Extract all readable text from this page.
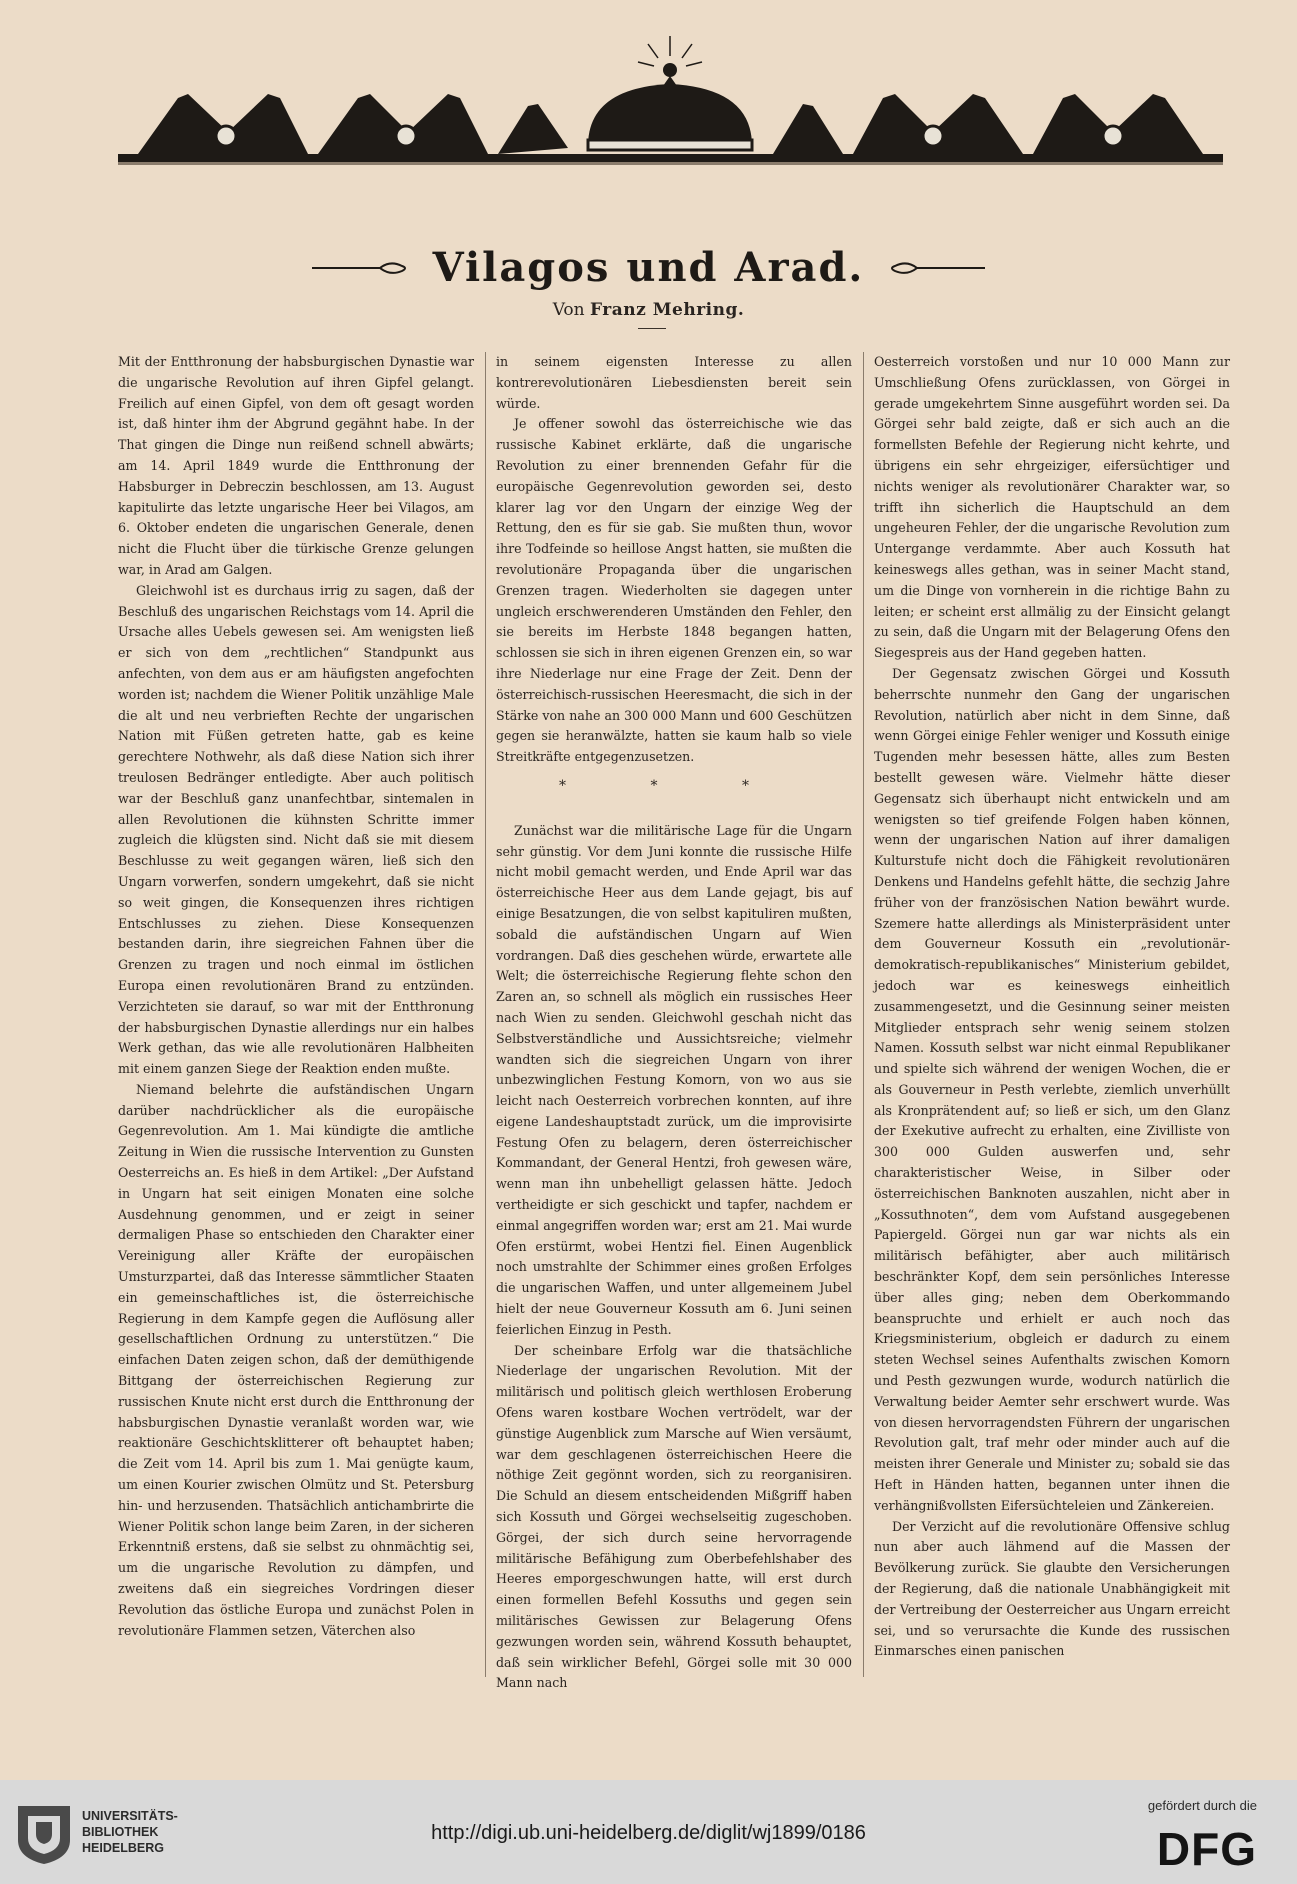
Vilagos und Arad.
Von Franz Mehring.

Mit der Entthronung der habsburgischen Dynastie war die ungarische Revolution auf ihren Gipfel gelangt. Freilich auf einen Gipfel, von dem oft gesagt worden ist, daß hinter ihm der Abgrund gegähnt habe. In der That gingen die Dinge nun reißend schnell abwärts; am 14. April 1849 wurde die Entthronung der Habsburger in Debreczin beschlossen, am 13. August kapitulirte das letzte ungarische Heer bei Vilagos, am 6. Oktober endeten die ungarischen Generale, denen nicht die Flucht über die türkische Grenze gelungen war, in Arad am Galgen.

Gleichwohl ist es durchaus irrig zu sagen, daß der Beschluß des ungarischen Reichstags vom 14. April die Ursache alles Uebels gewesen sei. Am wenigsten ließ er sich von dem „rechtlichen“ Standpunkt aus anfechten, von dem aus er am häufigsten angefochten worden ist; nachdem die Wiener Politik unzählige Male die alt und neu verbrieften Rechte der ungarischen Nation mit Füßen getreten hatte, gab es keine gerechtere Nothwehr, als daß diese Nation sich ihrer treulosen Bedränger entledigte. Aber auch politisch war der Beschluß ganz unanfechtbar, sintemalen in allen Revolutionen die kühnsten Schritte immer zugleich die klügsten sind. Nicht daß sie mit diesem Beschlusse zu weit gegangen wären, ließ sich den Ungarn vorwerfen, sondern umgekehrt, daß sie nicht so weit gingen, die Konsequenzen ihres richtigen Entschlusses zu ziehen. Diese Konsequenzen bestanden darin, ihre siegreichen Fahnen über die Grenzen zu tragen und noch einmal im östlichen Europa einen revolutionären Brand zu entzünden. Verzichteten sie darauf, so war mit der Entthronung der habsburgischen Dynastie allerdings nur ein halbes Werk gethan, das wie alle revolutionären Halbheiten mit einem ganzen Siege der Reaktion enden mußte.

Niemand belehrte die aufständischen Ungarn darüber nachdrücklicher als die europäische Gegenrevolution. Am 1. Mai kündigte die amtliche Zeitung in Wien die russische Intervention zu Gunsten Oesterreichs an. Es hieß in dem Artikel: „Der Aufstand in Ungarn hat seit einigen Monaten eine solche Ausdehnung genommen, und er zeigt in seiner dermaligen Phase so entschieden den Charakter einer Vereinigung aller Kräfte der europäischen Umsturzpartei, daß das Interesse sämmtlicher Staaten ein gemeinschaftliches ist, die österreichische Regierung in dem Kampfe gegen die Auflösung aller gesellschaftlichen Ordnung zu unterstützen.“ Die einfachen Daten zeigen schon, daß der demüthigende Bittgang der österreichischen Regierung zur russischen Knute nicht erst durch die Entthronung der habsburgischen Dynastie veranlaßt worden war, wie reaktionäre Geschichtsklitterer oft behauptet haben; die Zeit vom 14. April bis zum 1. Mai genügte kaum, um einen Kourier zwischen Olmütz und St. Petersburg hin- und herzusenden. Thatsächlich antichambrirte die Wiener Politik schon lange beim Zaren, in der sicheren Erkenntniß erstens, daß sie selbst zu ohnmächtig sei, um die ungarische Revolution zu dämpfen, und zweitens daß ein siegreiches Vordringen dieser Revolution das östliche Europa und zunächst Polen in revolutionäre Flammen setzen, Väterchen also

in seinem eigensten Interesse zu allen kontrerevolutionären Liebesdiensten bereit sein würde.

Je offener sowohl das österreichische wie das russische Kabinet erklärte, daß die ungarische Revolution zu einer brennenden Gefahr für die europäische Gegenrevolution geworden sei, desto klarer lag vor den Ungarn der einzige Weg der Rettung, den es für sie gab. Sie mußten thun, wovor ihre Todfeinde so heillose Angst hatten, sie mußten die revolutionäre Propaganda über die ungarischen Grenzen tragen. Wiederholten sie dagegen unter ungleich erschwerenderen Umständen den Fehler, den sie bereits im Herbste 1848 begangen hatten, schlossen sie sich in ihren eigenen Grenzen ein, so war ihre Niederlage nur eine Frage der Zeit. Denn der österreichisch-russischen Heeresmacht, die sich in der Stärke von nahe an 300 000 Mann und 600 Geschützen gegen sie heranwälzte, hatten sie kaum halb so viele Streitkräfte entgegenzusetzen.

* * *

Zunächst war die militärische Lage für die Ungarn sehr günstig. Vor dem Juni konnte die russische Hilfe nicht mobil gemacht werden, und Ende April war das österreichische Heer aus dem Lande gejagt, bis auf einige Besatzungen, die von selbst kapituliren mußten, sobald die aufständischen Ungarn auf Wien vordrangen. Daß dies geschehen würde, erwartete alle Welt; die österreichische Regierung flehte schon den Zaren an, so schnell als möglich ein russisches Heer nach Wien zu senden. Gleichwohl geschah nicht das Selbstverständliche und Aussichtsreiche; vielmehr wandten sich die siegreichen Ungarn von ihrer unbezwinglichen Festung Komorn, von wo aus sie leicht nach Oesterreich vorbrechen konnten, auf ihre eigene Landeshauptstadt zurück, um die improvisirte Festung Ofen zu belagern, deren österreichischer Kommandant, der General Hentzi, froh gewesen wäre, wenn man ihn unbehelligt gelassen hätte. Jedoch vertheidigte er sich geschickt und tapfer, nachdem er einmal angegriffen worden war; erst am 21. Mai wurde Ofen erstürmt, wobei Hentzi fiel. Einen Augenblick noch umstrahlte der Schimmer eines großen Erfolges die ungarischen Waffen, und unter allgemeinem Jubel hielt der neue Gouverneur Kossuth am 6. Juni seinen feierlichen Einzug in Pesth.

Der scheinbare Erfolg war die thatsächliche Niederlage der ungarischen Revolution. Mit der militärisch und politisch gleich werthlosen Eroberung Ofens waren kostbare Wochen vertrödelt, war der günstige Augenblick zum Marsche auf Wien versäumt, war dem geschlagenen österreichischen Heere die nöthige Zeit gegönnt worden, sich zu reorganisiren. Die Schuld an diesem entscheidenden Mißgriff haben sich Kossuth und Görgei wechselseitig zugeschoben. Görgei, der sich durch seine hervorragende militärische Befähigung zum Oberbefehlshaber des Heeres emporgeschwungen hatte, will erst durch einen formellen Befehl Kossuths und gegen sein militärisches Gewissen zur Belagerung Ofens gezwungen worden sein, während Kossuth behauptet, daß sein wirklicher Befehl, Görgei solle mit 30 000 Mann nach

Oesterreich vorstoßen und nur 10 000 Mann zur Umschließung Ofens zurücklassen, von Görgei in gerade umgekehrtem Sinne ausgeführt worden sei. Da Görgei sehr bald zeigte, daß er sich auch an die formellsten Befehle der Regierung nicht kehrte, und übrigens ein sehr ehrgeiziger, eifersüchtiger und nichts weniger als revolutionärer Charakter war, so trifft ihn sicherlich die Hauptschuld an dem ungeheuren Fehler, der die ungarische Revolution zum Untergange verdammte. Aber auch Kossuth hat keineswegs alles gethan, was in seiner Macht stand, um die Dinge von vornherein in die richtige Bahn zu leiten; er scheint erst allmälig zu der Einsicht gelangt zu sein, daß die Ungarn mit der Belagerung Ofens den Siegespreis aus der Hand gegeben hatten.

Der Gegensatz zwischen Görgei und Kossuth beherrschte nunmehr den Gang der ungarischen Revolution, natürlich aber nicht in dem Sinne, daß wenn Görgei einige Fehler weniger und Kossuth einige Tugenden mehr besessen hätte, alles zum Besten bestellt gewesen wäre. Vielmehr hätte dieser Gegensatz sich überhaupt nicht entwickeln und am wenigsten so tief greifende Folgen haben können, wenn der ungarischen Nation auf ihrer damaligen Kulturstufe nicht doch die Fähigkeit revolutionären Denkens und Handelns gefehlt hätte, die sechzig Jahre früher von der französischen Nation bewährt wurde. Szemere hatte allerdings als Ministerpräsident unter dem Gouverneur Kossuth ein „revolutionär-demokratisch-republikanisches“ Ministerium gebildet, jedoch war es keineswegs einheitlich zusammengesetzt, und die Gesinnung seiner meisten Mitglieder entsprach sehr wenig seinem stolzen Namen. Kossuth selbst war nicht einmal Republikaner und spielte sich während der wenigen Wochen, die er als Gouverneur in Pesth verlebte, ziemlich unverhüllt als Kronprätendent auf; so ließ er sich, um den Glanz der Exekutive aufrecht zu erhalten, eine Zivilliste von 300 000 Gulden auswerfen und, sehr charakteristischer Weise, in Silber oder österreichischen Banknoten auszahlen, nicht aber in „Kossuthnoten“, dem vom Aufstand ausgegebenen Papiergeld. Görgei nun gar war nichts als ein militärisch befähigter, aber auch militärisch beschränkter Kopf, dem sein persönliches Interesse über alles ging; neben dem Oberkommando beanspruchte und erhielt er auch noch das Kriegsministerium, obgleich er dadurch zu einem steten Wechsel seines Aufenthalts zwischen Komorn und Pesth gezwungen wurde, wodurch natürlich die Verwaltung beider Aemter sehr erschwert wurde. Was von diesen hervorragendsten Führern der ungarischen Revolution galt, traf mehr oder minder auch auf die meisten ihrer Generale und Minister zu; sobald sie das Heft in Händen hatten, begannen unter ihnen die verhängnißvollsten Eifersüchteleien und Zänkereien.

Der Verzicht auf die revolutionäre Offensive schlug nun aber auch lähmend auf die Massen der Bevölkerung zurück. Sie glaubte den Versicherungen der Regierung, daß die nationale Unabhängigkeit mit der Vertreibung der Oesterreicher aus Ungarn erreicht sei, und so verursachte die Kunde des russischen Einmarsches einen panischen

UNIVERSITÄTS-
BIBLIOTHEK
HEIDELBERG
http://digi.ub.uni-heidelberg.de/diglit/wj1899/0186
gefördert durch die
DFG
